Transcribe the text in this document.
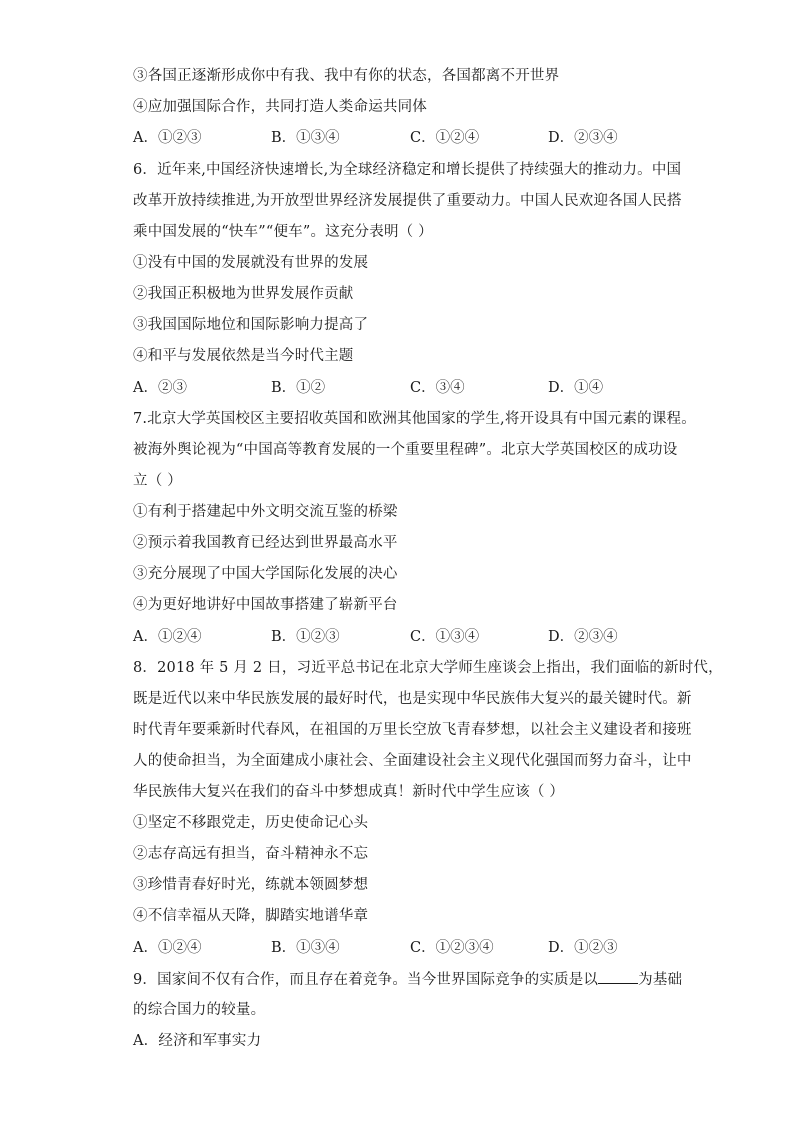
③各国正逐渐形成你中有我、我中有你的状态，各国都离不开世界
④应加强国际合作，共同打造人类命运共同体
A．①②③	B．①③④	C．①②④	D．②③④
6．近年来,中国经济快速增长,为全球经济稳定和增长提供了持续强大的推动力。中国
改革开放持续推进,为开放型世界经济发展提供了重要动力。中国人民欢迎各国人民搭
乘中国发展的“快车”“便车”。这充分表明（ ）
①没有中国的发展就没有世界的发展
②我国正积极地为世界发展作贡献
③我国国际地位和国际影响力提高了
④和平与发展依然是当今时代主题
A．②③	B．①②	C．③④	D．①④
7.北京大学英国校区主要招收英国和欧洲其他国家的学生,将开设具有中国元素的课程。
被海外舆论视为“中国高等教育发展的一个重要里程碑”。北京大学英国校区的成功设
立（ ）
①有利于搭建起中外文明交流互鉴的桥梁
②预示着我国教育已经达到世界最高水平
③充分展现了中国大学国际化发展的决心
④为更好地讲好中国故事搭建了崭新平台
A．①②④	B．①②③	C．①③④	D．②③④
8．2018 年 5 月 2 日，习近平总书记在北京大学师生座谈会上指出，我们面临的新时代，
既是近代以来中华民族发展的最好时代，也是实现中华民族伟大复兴的最关键时代。新
时代青年要乘新时代春风，在祖国的万里长空放飞青春梦想，以社会主义建设者和接班
人的使命担当，为全面建成小康社会、全面建设社会主义现代化强国而努力奋斗，让中
华民族伟大复兴在我们的奋斗中梦想成真！新时代中学生应该（ ）
①坚定不移跟党走，历史使命记心头
②志存高远有担当，奋斗精神永不忘
③珍惜青春好时光，练就本领圆梦想
④不信幸福从天降，脚踏实地谱华章
A．①②④	B．①③④	C．①②③④	D．①②③
9．国家间不仅有合作，而且存在着竞争。当今世界国际竞争的实质是以	为基础
的综合国力的较量。
A．经济和军事实力
